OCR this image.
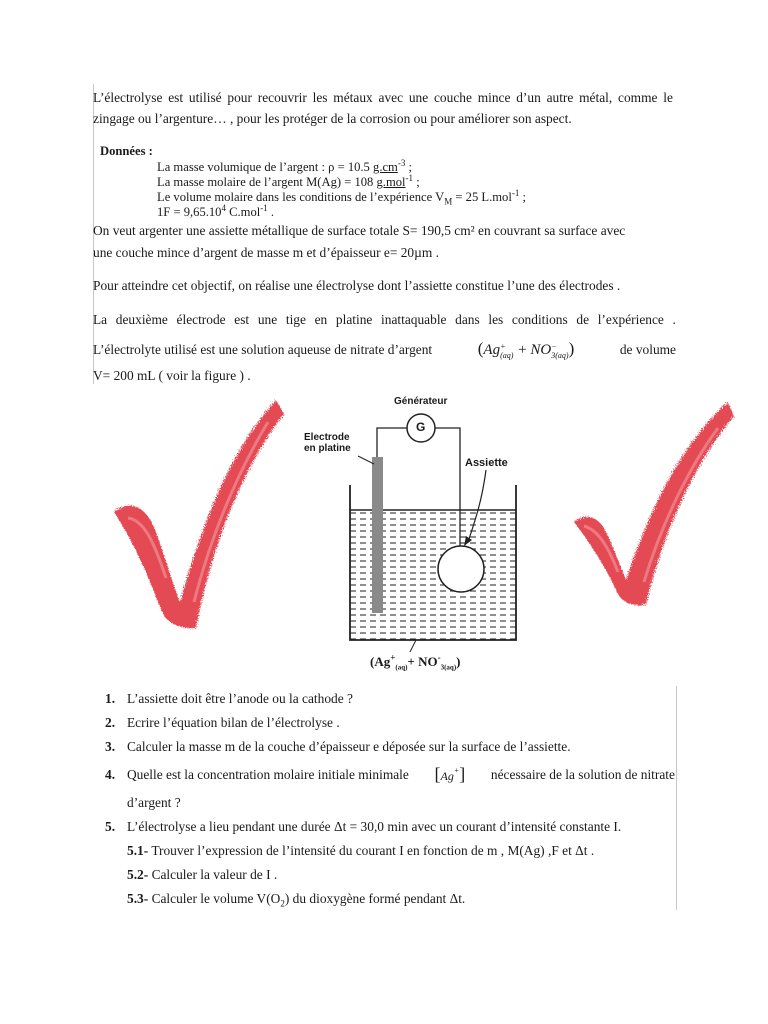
L’électrolyse est utilisé pour recouvrir les métaux avec une couche mince d’un autre métal, comme le
zingage ou l’argenture… , pour les protéger de la corrosion ou pour améliorer son aspect.
Données :
La masse volumique de l’argent : ρ = 10.5 $g.cm^{-3}$ ;
La masse molaire de l’argent M(Ag) = 108 g.mol$^{-1}$ ;
Le volume molaire dans les conditions de l’expérience $V_M = 25$ L.mol$^{-1}$ ;
$1F = 9,65.10^4$ C.mol$^{-1}$ .
On veut argenter une assiette métallique de surface totale S= 190,5 cm² en couvrant sa surface avec
une couche mince d’argent de masse m et d’épaisseur e= 20µm .
Pour atteindre cet objectif, on réalise une électrolyse dont l’assiette constitue l’une des électrodes .
La deuxième électrode est une tige en platine inattaquable dans les conditions de l’expérience .
L’électrolyte utilisé est une solution aqueuse de nitrate d’argent	(Ag +
(aq) + NO −
3(aq) )	de volume
V= 200 mL ( voir la figure ) .
Générateur
G
Electrode
en platine
Assiette
$(Ag^+_{(aq)}+ NO^-_{3(aq)})$
1. L’assiette doit être l’anode ou la cathode ?
2. Ecrire l’équation bilan de l’électrolyse .
3. Calculer la masse m de la couche d’épaisseur e déposée sur la surface de l’assiette.
4. Quelle est la concentration molaire initiale minimale [Ag+] nécessaire de la solution de nitrate
d’argent ?
5. L’électrolyse a lieu pendant une durée Δt = 30,0 min avec un courant d’intensité constante I.
5.1- Trouver l’expression de l’intensité du courant I en fonction de m , M(Ag) ,F et Δt .
5.2- Calculer la valeur de I .
5.3- Calculer le volume $V(O_2)$ du dioxygène formé pendant Δt.
